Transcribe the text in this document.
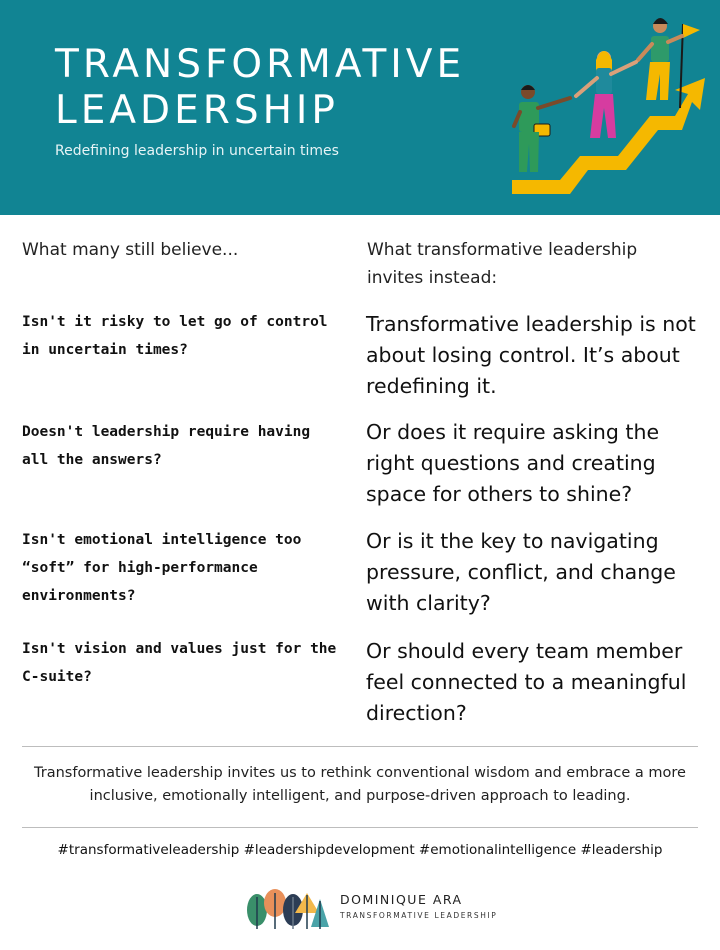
TRANSFORMATIVE
LEADERSHIP
Redefining leadership in uncertain times
What many still believe...	What transformative leadership invites instead:
Isn't it risky to let go of control in uncertain times?
Transformative leadership is not about losing control. It’s about redefining it.
Doesn't leadership require having all the answers?
Or does it require asking the right questions and creating space for others to shine?
Isn't emotional intelligence too “soft” for high-performance environments?
Or is it the key to navigating pressure, conflict, and change with clarity?
Isn't vision and values just for the C-suite?
Or should every team member feel connected to a meaningful direction?
Transformative leadership invites us to rethink conventional wisdom and embrace a more inclusive, emotionally intelligent, and purpose-driven approach to leading.
#transformativeleadership #leadershipdevelopment #emotionalintelligence #leadership
DOMINIQUE ARA
TRANSFORMATIVE LEADERSHIP
